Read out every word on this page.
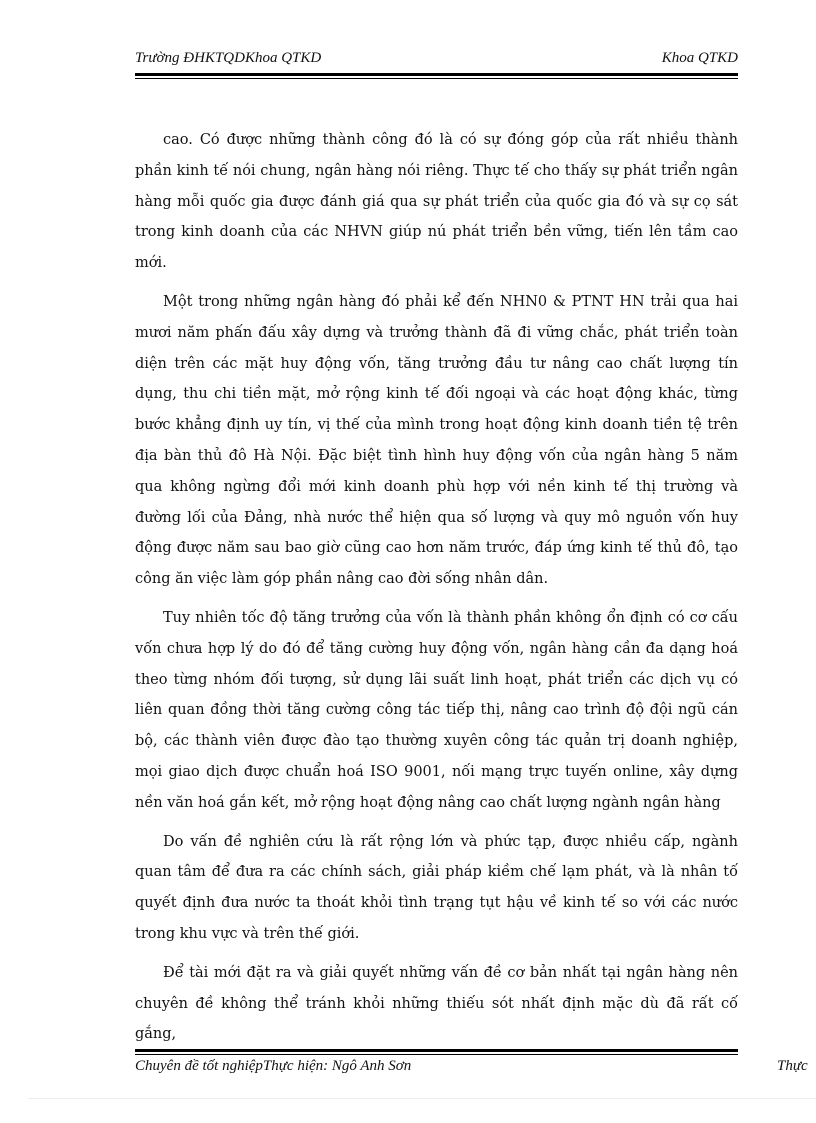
Trường ĐHKTQDKhoa QTKD	Khoa QTKD

cao. Có được những thành công đó là có sự đóng góp của rất nhiều thành phần kinh tế nói chung, ngân hàng nói riêng. Thực tế cho thấy sự phát triển ngân hàng mỗi quốc gia được đánh giá qua sự phát triển của quốc gia đó và sự cọ sát trong kinh doanh của các NHVN giúp nú phát triển bền vững, tiến lên tầm cao mới.

Một trong những ngân hàng đó phải kể đến NHN0 & PTNT HN trải qua hai mươi năm phấn đấu xây dựng và trưởng thành đã đi vững chắc, phát triển toàn diện trên các mặt huy động vốn, tăng trưởng đầu tư nâng cao chất lượng tín dụng, thu chi tiền mặt, mở rộng kinh tế đối ngoại và các hoạt động khác, từng bước khẳng định uy tín, vị thế của mình trong hoạt động kinh doanh tiền tệ trên địa bàn thủ đô Hà Nội. Đặc biệt tình hình huy động vốn của ngân hàng 5 năm qua không ngừng đổi mới kinh doanh phù hợp với nền kinh tế thị trường và đường lối của Đảng, nhà nước thể hiện qua số lượng và quy mô nguồn vốn huy động được năm sau bao giờ cũng cao hơn năm trước, đáp ứng kinh tế thủ đô, tạo công ăn việc làm góp phần nâng cao đời sống nhân dân.

Tuy nhiên tốc độ tăng trưởng của vốn là thành phần không ổn định có cơ cấu vốn chưa hợp lý do đó để tăng cường huy động vốn, ngân hàng cần đa dạng hoá theo từng nhóm đối tượng, sử dụng lãi suất linh hoạt, phát triển các dịch vụ có liên quan đồng thời tăng cường công tác tiếp thị, nâng cao trình độ đội ngũ cán bộ, các thành viên được đào tạo thường xuyên công tác quản trị doanh nghiệp, mọi giao dịch được chuẩn hoá ISO 9001, nối mạng trực tuyến online, xây dựng nền văn hoá gắn kết, mở rộng hoạt động nâng cao chất lượng ngành ngân hàng

Do vấn đề nghiên cứu là rất rộng lớn và phức tạp, được nhiều cấp, ngành quan tâm để đưa ra các chính sách, giải pháp kiềm chế lạm phát, và là nhân tố quyết định đưa nước ta thoát khỏi tình trạng tụt hậu về kinh tế so với các nước trong khu vực và trên thế giới.

Để tài mới đặt ra và giải quyết những vấn đề cơ bản nhất tại ngân hàng nên chuyên đề không thể tránh khỏi những thiếu sót nhất định mặc dù đã rất cố gắng,

Chuyên đề tốt nghiệpThực hiện: Ngô Anh Sơn	Thực
